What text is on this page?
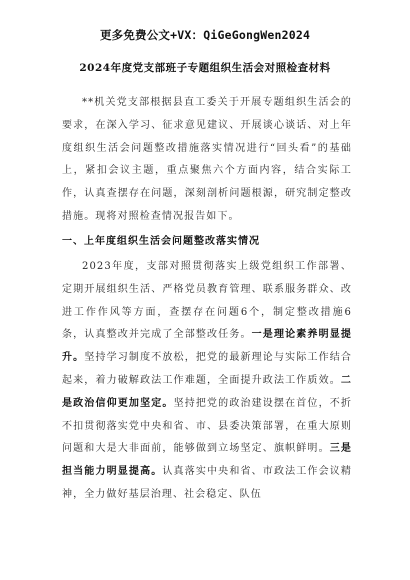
更多免费公文+VX：QiGeGongWen2024
2024年度党支部班子专题组织生活会对照检查材料
**机关党支部根据县直工委关于开展专题组织生活会的要求，在深入学习、征求意见建议、开展谈心谈话、对上年度组织生活会问题整改措施落实情况进行“回头看”的基础上，紧扣会议主题，重点聚焦六个方面内容，结合实际工作，认真查摆存在问题，深刻剖析问题根源，研究制定整改措施。现将对照检查情况报告如下。
一、上年度组织生活会问题整改落实情况
2023年度，支部对照贯彻落实上级党组织工作部署、定期开展组织生活、严格党员教育管理、联系服务群众、改进工作作风等方面，查摆存在问题6个，制定整改措施6条，认真整改并完成了全部整改任务。一是理论素养明显提升。坚持学习制度不放松，把党的最新理论与实际工作结合起来，着力破解政法工作难题，全面提升政法工作质效。二是政治信仰更加坚定。坚持把党的政治建设摆在首位，不折不扣贯彻落实党中央和省、市、县委决策部署，在重大原则问题和大是大非面前，能够做到立场坚定、旗帜鲜明。三是担当能力明显提高。认真落实中央和省、市政法工作会议精神，全力做好基层治理、社会稳定、队伍
